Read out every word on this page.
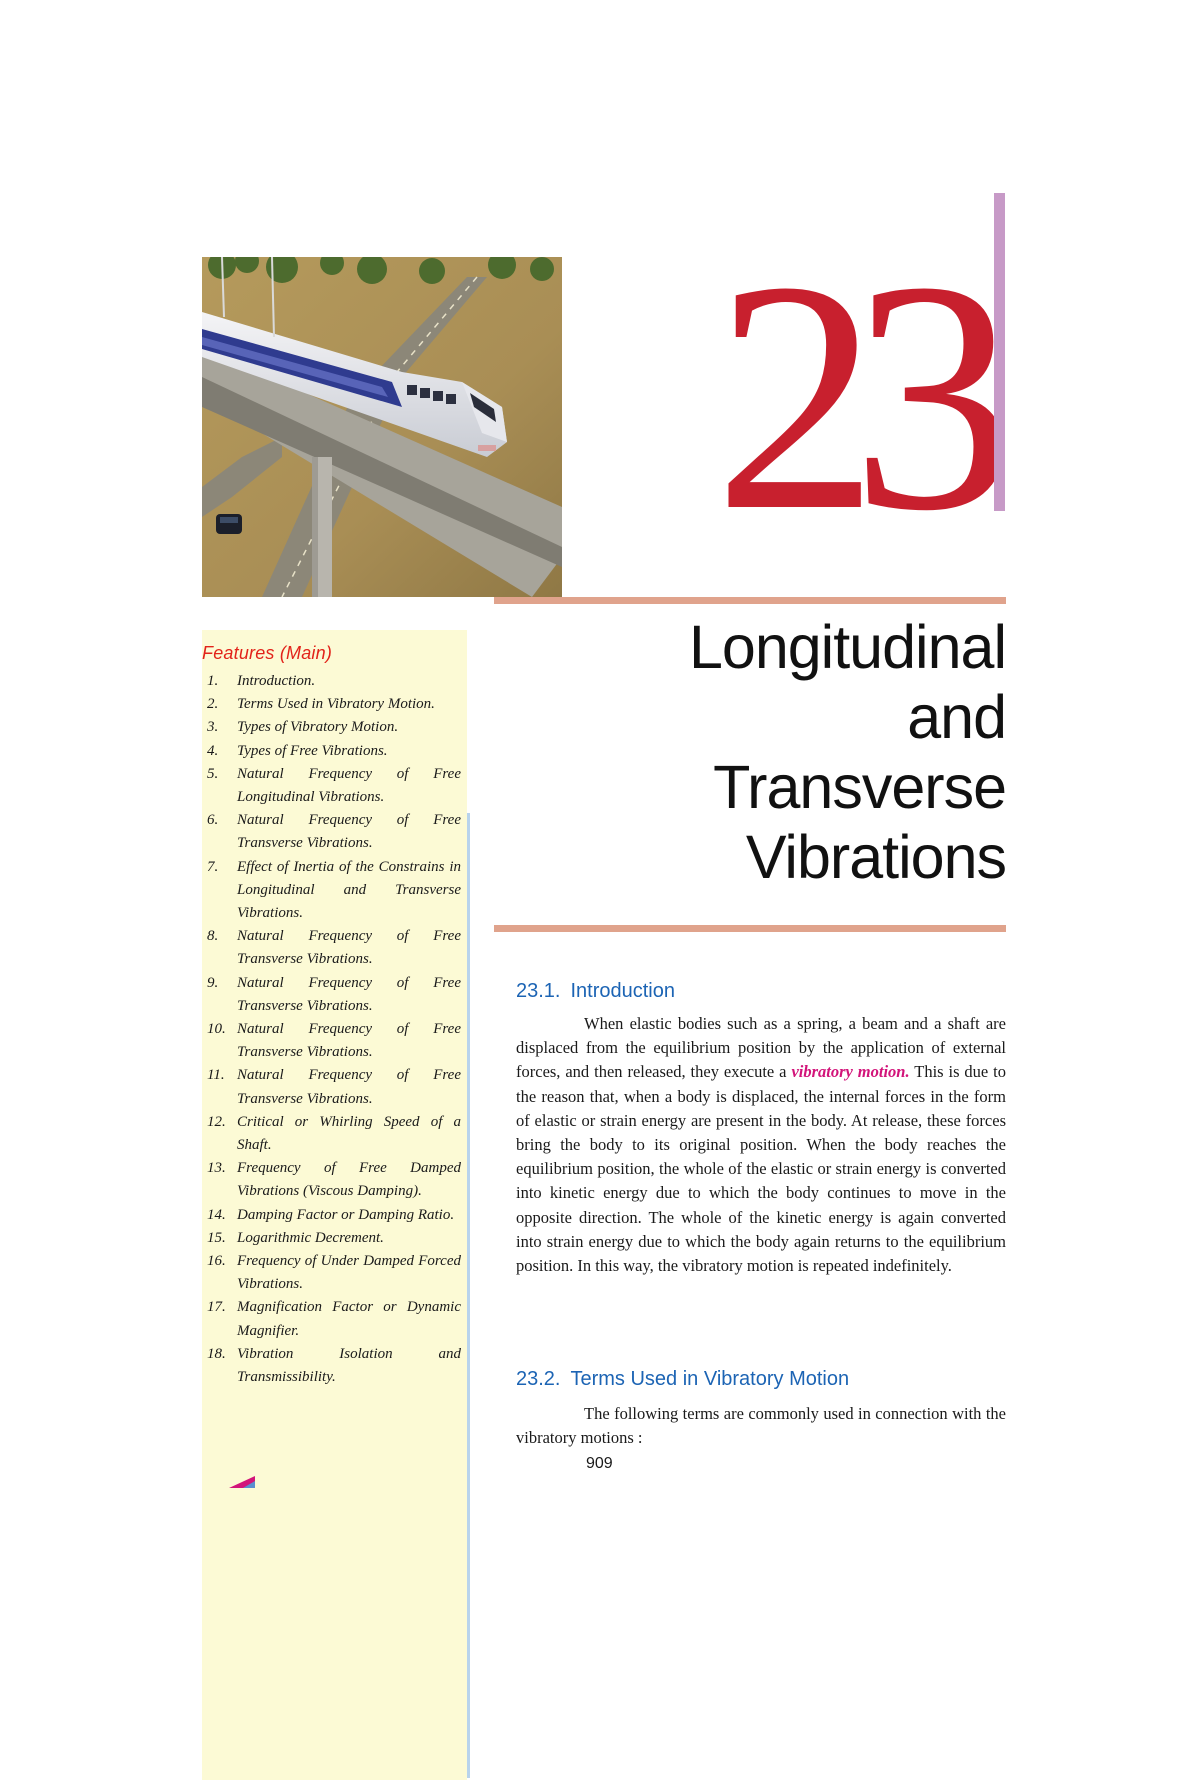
23
Longitudinal
and
Transverse
Vibrations
Features (Main)
1.	Introduction.
2.	Terms Used in Vibratory Motion.
3.	Types of Vibratory Motion.
4.	Types of Free Vibrations.
5.	Natural Frequency of Free Longitudinal Vibrations.
6.	Natural Frequency of Free Transverse Vibrations.
7.	Effect of Inertia of the Constrains in Longitudinal and Transverse Vibrations.
8.	Natural Frequency of Free Transverse Vibrations.
9.	Natural Frequency of Free Transverse Vibrations.
10. Natural Frequency of Free Transverse Vibrations.
11. Natural Frequency of Free Transverse Vibrations.
12. Critical or Whirling Speed of a Shaft.
13. Frequency of Free Damped Vibrations (Viscous Damping).
14. Damping Factor or Damping Ratio.
15. Logarithmic Decrement.
16. Frequency of Under Damped Forced Vibrations.
17. Magnification Factor or Dynamic Magnifier.
18. Vibration Isolation and Transmissibility.
23.1. Introduction
When elastic bodies such as a spring, a beam and a shaft are displaced from the equilibrium position by the application of external forces, and then released, they execute a vibratory motion. This is due to the reason that, when a body is displaced, the internal forces in the form of elastic or strain energy are present in the body. At release, these forces bring the body to its original position. When the body reaches the equilibrium position, the whole of the elastic or strain energy is converted into kinetic energy due to which the body continues to move in the opposite direction. The whole of the kinetic energy is again converted into strain energy due to which the body again returns to the equilibrium position. In this way, the vibratory motion is repeated indefinitely.
23.2. Terms Used in Vibratory Motion
The following terms are commonly used in connection with the vibratory motions :
909
